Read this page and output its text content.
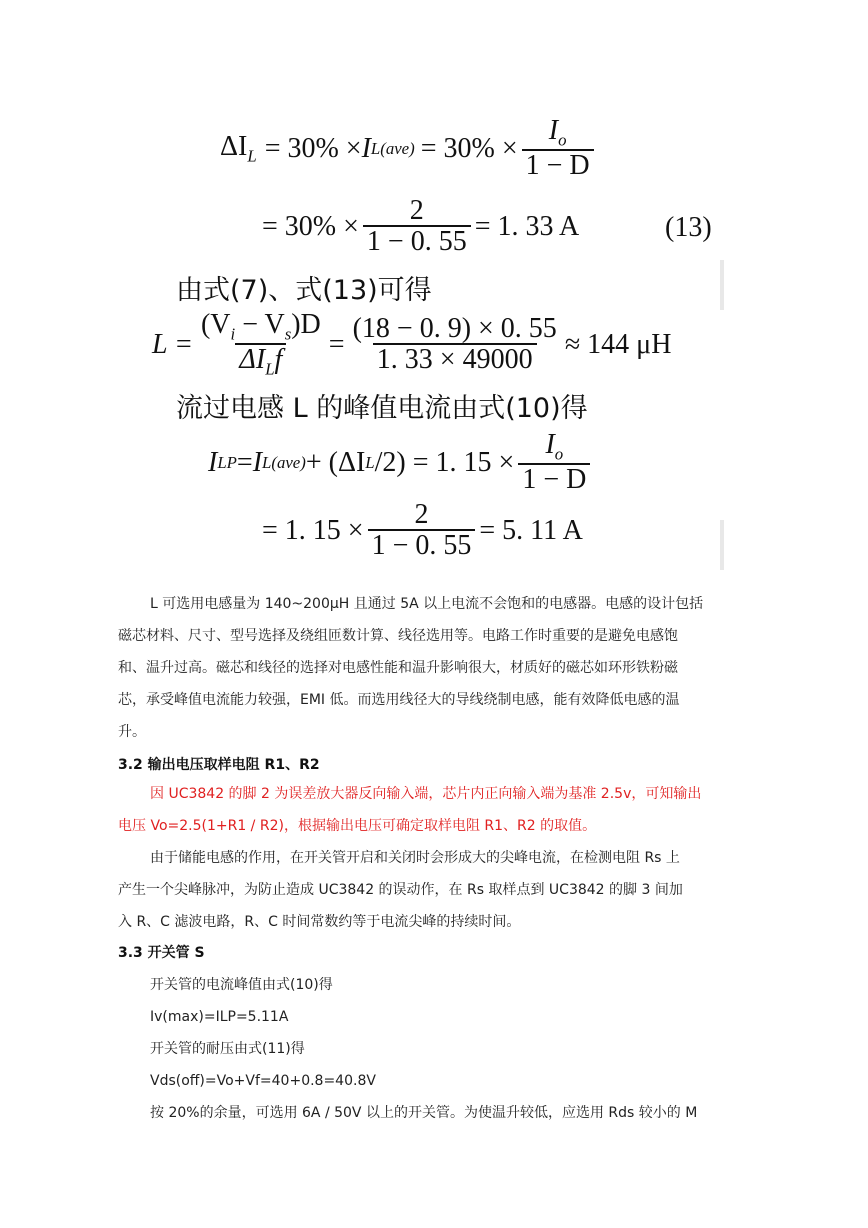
$\Delta I_L = 30\% \times I$ $L(ave) = 30\% \times \frac{I_o}{1 - D}$
= $30\% \times \frac{2}{1 - 0. 55} = 1$. 33 A	(13)
由式(7)、式(13)可得
$L = \frac{(V_i - V_s)D}{\Delta I_Lf} = \frac{(18 - 0. 9) \times 0. 55}{1. 33 \times 49000} \approx 144$ μH
流过电感 L 的峰值电流由式(10)得
I LP = I L(ave) + (ΔI L /2) = 1. $15 \times \frac{I_o}{1 - D}$
= 1. $15 \times \frac{2}{1 - 0. 55} = 5$. 11 A
L 可选用电感量为 140~200μH 且通过 5A 以上电流不会饱和的电感器。电感的设计包括
磁芯材料、尺寸、型号选择及绕组匝数计算、线径选用等。电路工作时重要的是避免电感饱
和、温升过高。磁芯和线径的选择对电感性能和温升影响很大，材质好的磁芯如环形铁粉磁
芯，承受峰值电流能力较强，EMI 低。而选用线径大的导线绕制电感，能有效降低电感的温
升。
3.2 输出电压取样电阻 R1、R2
因 UC3842 的脚 2 为误差放大器反向输入端，芯片内正向输入端为基准 2.5v，可知输出
电压 Vo=2.5(1+R1 / R2)，根据输出电压可确定取样电阻 R1、R2 的取值。
由于储能电感的作用，在开关管开启和关闭时会形成大的尖峰电流，在检测电阻 Rs 上
产生一个尖峰脉冲，为防止造成 UC3842 的误动作，在 Rs 取样点到 UC3842 的脚 3 间加
入 R、C 滤波电路，R、C 时间常数约等于电流尖峰的持续时间。
3.3 开关管 S
开关管的电流峰值由式(10)得
Iv(max)=ILP=5.11A
开关管的耐压由式(11)得
Vds(off)=Vo+Vf=40+0.8=40.8V
按 20%的余量，可选用 6A / 50V 以上的开关管。为使温升较低，应选用 Rds 较小的 M
